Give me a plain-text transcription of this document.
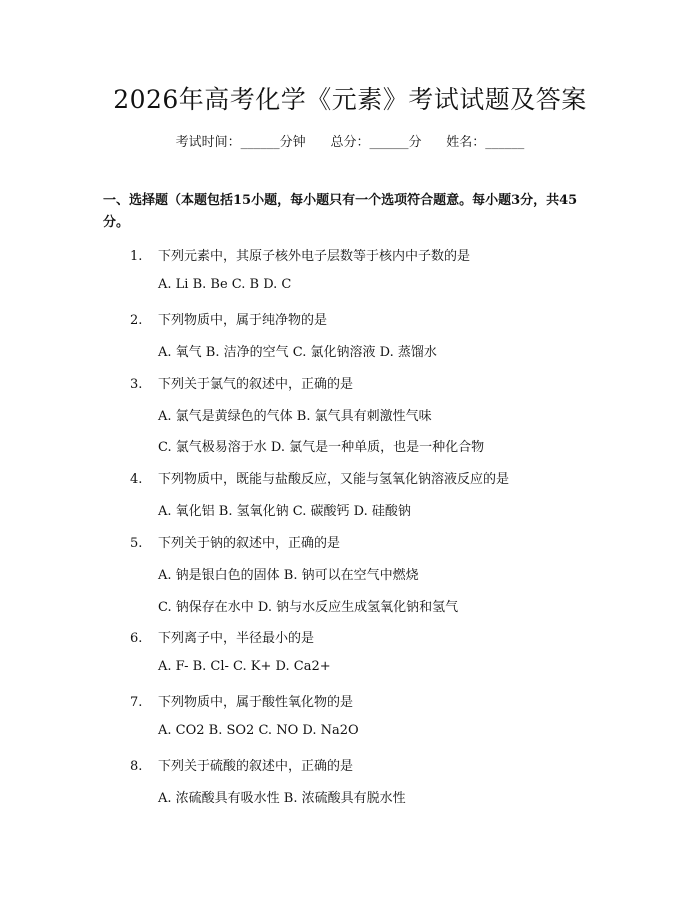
2026年高考化学《元素》考试试题及答案
考试时间：______分钟 总分：______分 姓名：______
一、选择题（本题包括15小题，每小题只有一个选项符合题意。每小题3分，共45分。
1. 下列元素中，其原子核外电子层数等于核内中子数的是
A. Li B. Be C. B D. C
2. 下列物质中，属于纯净物的是
A. 氧气 B. 洁净的空气 C. 氯化钠溶液 D. 蒸馏水
3. 下列关于氯气的叙述中，正确的是
A. 氯气是黄绿色的气体 B. 氯气具有刺激性气味
C. 氯气极易溶于水 D. 氯气是一种单质，也是一种化合物
4. 下列物质中，既能与盐酸反应，又能与氢氧化钠溶液反应的是
A. 氧化铝 B. 氢氧化钠 C. 碳酸钙 D. 硅酸钠
5. 下列关于钠的叙述中，正确的是
A. 钠是银白色的固体 B. 钠可以在空气中燃烧
C. 钠保存在水中 D. 钠与水反应生成氢氧化钠和氢气
6. 下列离子中，半径最小的是
A. F- B. Cl- C. K+ D. Ca2+
7. 下列物质中，属于酸性氧化物的是
A. CO2 B. SO2 C. NO D. Na2O
8. 下列关于硫酸的叙述中，正确的是
A. 浓硫酸具有吸水性 B. 浓硫酸具有脱水性
